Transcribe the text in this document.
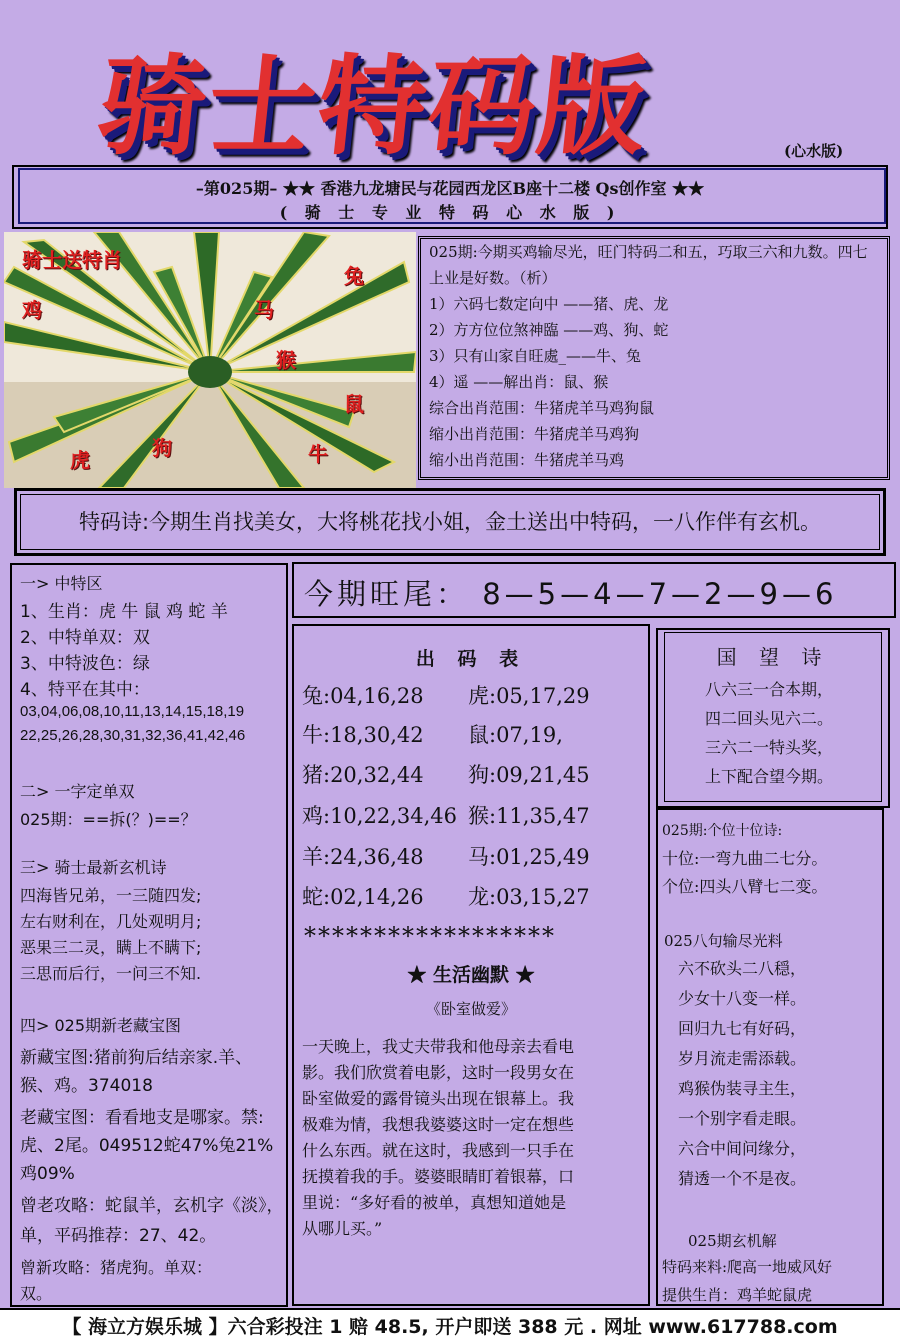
骑士特码版	(心水版)
–第025期– ★★ 香港九龙塘民与花园西龙区B座十二楼 Qs创作室 ★★
( 骑 士 专 业 特 码 心 水 版 )
骑士送特肖
兔
鸡	马
猴
鼠
虎	狗	牛

025期:今期买鸡输尽光，旺门特码二和五，巧取三六和九数。四七上业是好数。（析）

1）六码七数定向中 ——猪、虎、龙

2）方方位位煞神臨 ——鸡、狗、蛇

3）只有山家自旺處_——牛、兔

4）遥 ——解出肖：鼠、猴

综合出肖范围：牛猪虎羊马鸡狗鼠

缩小出肖范围：牛猪虎羊马鸡狗

缩小出肖范围：牛猪虎羊马鸡

特码诗:今期生肖找美女，大将桃花找小姐，金土送出中特码，一八作伴有玄机。
一> 中特区
1、生肖：虎 牛 鼠 鸡 蛇 羊
2、中特单双：双
3、中特波色：绿
4、特平在其中：
03,04,06,08,10,11,13,14,15,18,19
22,25,26,28,30,31,32,36,41,42,46
二> 一字定单双
025期：==拆(？)==？
三> 骑士最新玄机诗
四海皆兄弟，一三随四发;
左右财利在，几处观明月;
恶果三二灵，瞒上不瞒下;
三思而后行，一问三不知.
四> 025期新老藏宝图
新藏宝图:猪前狗后结亲家.羊、
猴、鸡。374018
老藏宝图：看看地支是哪家。禁:
虎、2尾。049512蛇47%兔21%
鸡09%
曾老攻略：蛇鼠羊，玄机字《淡》，
单，平码推荐：27、42。
曾新攻略：猪虎狗。单双：
双。
今期旺尾： 8—5—4—7—2—9—6
出 码 表
兔:04,16,28 虎:05,17,29
牛:18,30,42 鼠:07,19,
猪:20,32,44 狗:09,21,45
鸡:10,22,34,46 猴:11,35,47
羊:24,36,48 马:01,25,49
蛇:02,14,26 龙:03,15,27
******************
★ 生活幽默 ★
《卧室做爱》
一天晚上，我丈夫带我和他母亲去看电
影。我们欣赏着电影，这时一段男女在
卧室做爱的露骨镜头出现在银幕上。我
极难为情，我想我婆婆这时一定在想些
什么东西。就在这时，我感到一只手在
抚摸着我的手。婆婆眼睛盯着银幕，口
里说：“多好看的被单，真想知道她是
从哪儿买。”
国 望 诗
八六三一合本期，
四二回头见六二。
三六二一特头奖，
上下配合望今期。
025期:个位十位诗:
十位:一弯九曲二七分。
个位:四头八臂七二变。
025八句输尽光料
六不砍头二八穏，
少女十八变一样。
回归九七有好码，
岁月流走需添载。
鸡猴伪装寻主生，
一个别字看走眼。
六合中间问缘分，
猜透一个不是夜。
025期玄机解
特码来料:爬高一地威风好
提供生肖：鸡羊蛇鼠虎
【 海立方娱乐城 】六合彩投注 1 赔 48.5, 开户即送 388 元 . 网址 www.617788.com
